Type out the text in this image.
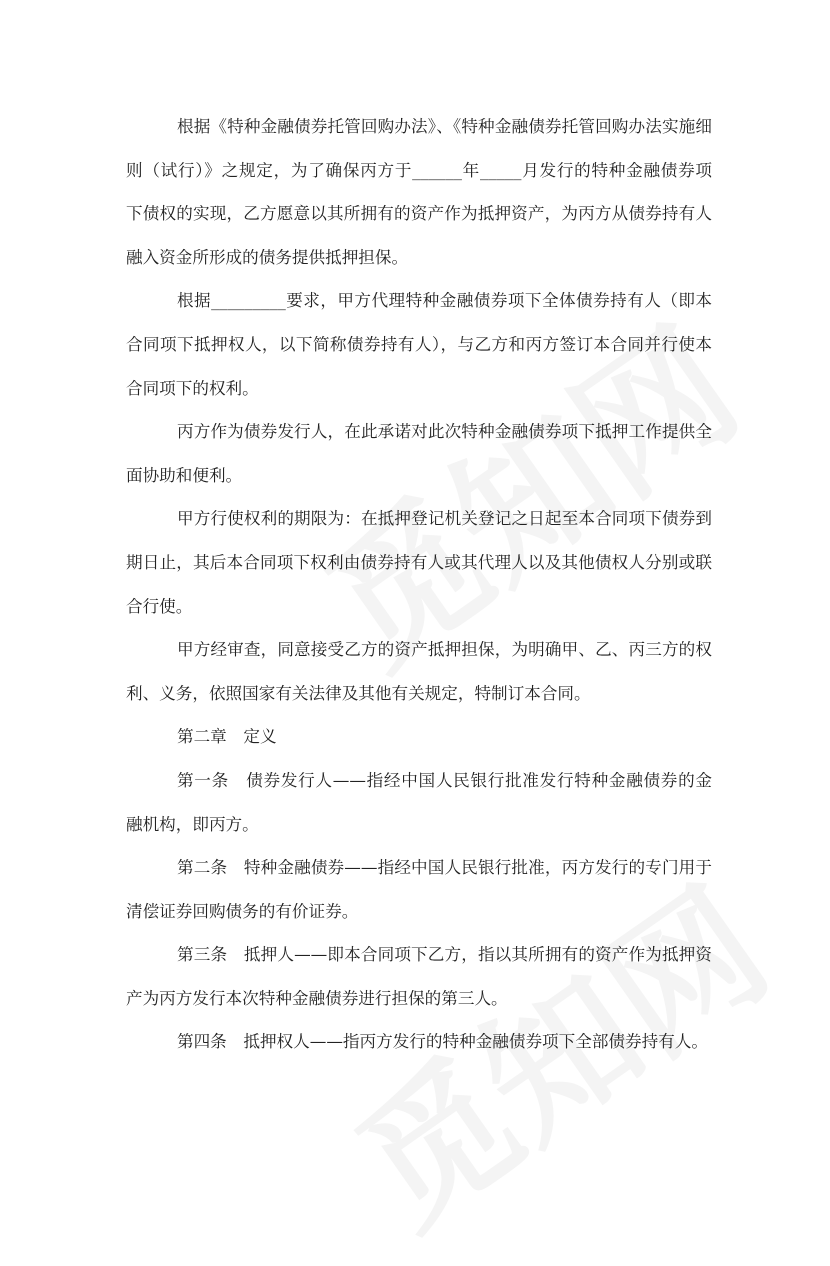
根据《特种金融债券托管回购办法》、《特种金融债券托管回购办法实施细
则（试行）》之规定，为了确保丙方于______年_____月发行的特种金融债券项
下债权的实现，乙方愿意以其所拥有的资产作为抵押资产，为丙方从债券持有人
融入资金所形成的债务提供抵押担保。
根据_________要求，甲方代理特种金融债券项下全体债券持有人（即本
合同项下抵押权人，以下简称债券持有人），与乙方和丙方签订本合同并行使本
合同项下的权利。
丙方作为债券发行人，在此承诺对此次特种金融债券项下抵押工作提供全
面协助和便利。
甲方行使权利的期限为：在抵押登记机关登记之日起至本合同项下债券到
期日止，其后本合同项下权利由债券持有人或其代理人以及其他债权人分别或联
合行使。
甲方经审查，同意接受乙方的资产抵押担保，为明确甲、乙、丙三方的权
利、义务，依照国家有关法律及其他有关规定，特制订本合同。
第二章　定义
第一条　债券发行人——指经中国人民银行批准发行特种金融债券的金
融机构，即丙方。
第二条　特种金融债券——指经中国人民银行批准，丙方发行的专门用于
清偿证券回购债务的有价证券。
第三条　抵押人——即本合同项下乙方，指以其所拥有的资产作为抵押资
产为丙方发行本次特种金融债券进行担保的第三人。
第四条　抵押权人——指丙方发行的特种金融债券项下全部债券持有人。
